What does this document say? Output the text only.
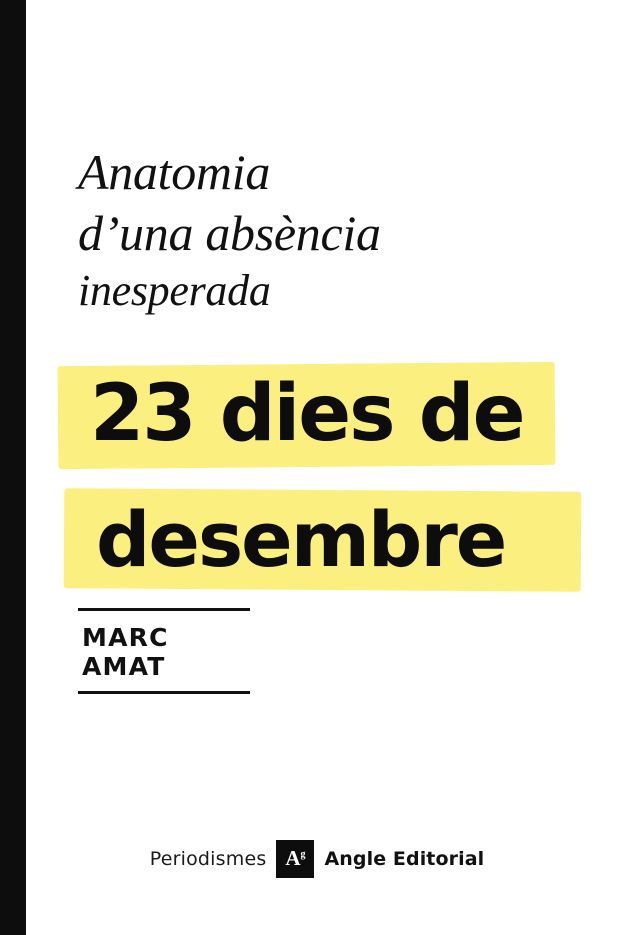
Anatomia
d’una absència
inesperada
23 dies de
desembre
MARC AMAT
Periodismes $A^g$ Angle Editorial
